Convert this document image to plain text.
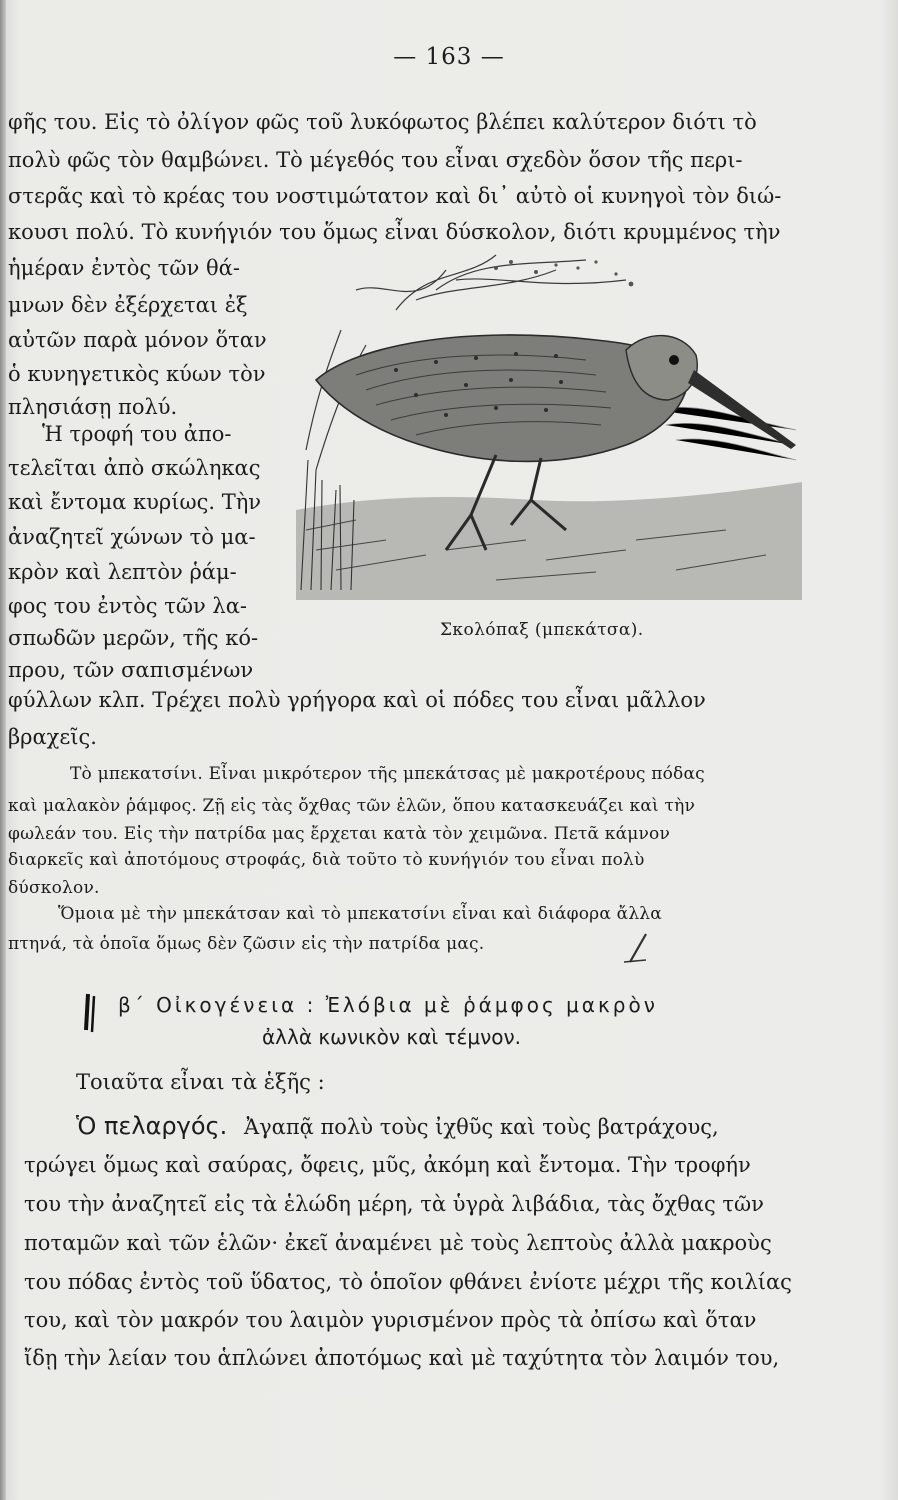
— 163 —
φῆς του. Εἰς τὸ ὀλίγον φῶς τοῦ λυκόφωτος βλέπει καλύτερον διότι τὸ
πολὺ φῶς τὸν θαμβώνει. Τὸ μέγεθός του εἶναι σχεδὸν ὅσον τῆς περι-
στερᾶς καὶ τὸ κρέας του νοστιμώτατον καὶ δι᾽ αὐτὸ οἱ κυνηγοὶ τὸν διώ-
κουσι πολύ. Τὸ κυνήγιόν του ὅμως εἶναι δύσκολον, διότι κρυμμένος τὴν
ἡμέραν ἐντὸς τῶν θά-
μνων δὲν ἐξέρχεται ἐξ
αὐτῶν παρὰ μόνον ὅταν
ὁ κυνηγετικὸς κύων τὸν
πλησιάσῃ πολύ.
Ἡ τροφή του ἀπο-
τελεῖται ἀπὸ σκώληκας
καὶ ἔντομα κυρίως. Τὴν
ἀναζητεῖ χώνων τὸ μα-
κρὸν καὶ λεπτὸν ῥάμ-
φος του ἐντὸς τῶν λα-
σπωδῶν μερῶν, τῆς κό-
πρου, τῶν σαπισμένων
Σκολόπαξ (μπεκάτσα).
φύλλων κλπ. Τρέχει πολὺ γρήγορα καὶ οἱ πόδες του εἶναι μᾶλλον
βραχεῖς.
Τὸ μπεκατσίνι. Εἶναι μικρότερον τῆς μπεκάτσας μὲ μακροτέρους πόδας
καὶ μαλακὸν ῥάμφος. Ζῇ εἰς τὰς ὄχθας τῶν ἑλῶν, ὅπου κατασκευάζει καὶ τὴν
φωλεάν του. Εἰς τὴν πατρίδα μας ἔρχεται κατὰ τὸν χειμῶνα. Πετᾶ κάμνον
διαρκεῖς καὶ ἀποτόμους στροφάς, διὰ τοῦτο τὸ κυνήγιόν του εἶναι πολὺ
δύσκολον.
Ὅμοια μὲ τὴν μπεκάτσαν καὶ τὸ μπεκατσίνι εἶναι καὶ διάφορα ἄλλα
πτηνά, τὰ ὁποῖα ὅμως δὲν ζῶσιν εἰς τὴν πατρίδα μας.
β΄ Οἰκογένεια : Ἐλόβια μὲ ῥάμφος μακρὸν
ἀλλὰ κωνικὸν καὶ τέμνον.
Τοιαῦτα εἶναι τὰ ἑξῆς :
Ὁ πελαργός. Ἀγαπᾷ πολὺ τοὺς ἰχθῦς καὶ τοὺς βατράχους,
τρώγει ὅμως καὶ σαύρας, ὄφεις, μῦς, ἀκόμη καὶ ἔντομα. Τὴν τροφήν
του τὴν ἀναζητεῖ εἰς τὰ ἑλώδη μέρη, τὰ ὑγρὰ λιβάδια, τὰς ὄχθας τῶν
ποταμῶν καὶ τῶν ἑλῶν· ἐκεῖ ἀναμένει μὲ τοὺς λεπτοὺς ἀλλὰ μακροὺς
του πόδας ἐντὸς τοῦ ὕδατος, τὸ ὁποῖον φθάνει ἐνίοτε μέχρι τῆς κοιλίας
του, καὶ τὸν μακρόν του λαιμὸν γυρισμένον πρὸς τὰ ὀπίσω καὶ ὅταν
ἴδῃ τὴν λείαν του ἁπλώνει ἀποτόμως καὶ μὲ ταχύτητα τὸν λαιμόν του,
